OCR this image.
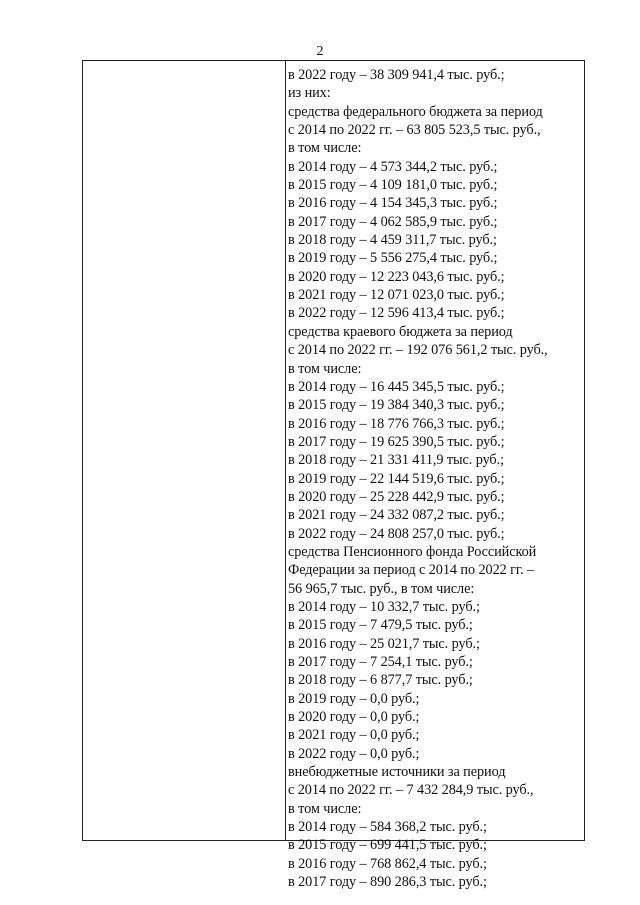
2
в 2022 году – 38 309 941,4 тыс. руб.;
из них:
средства федерального бюджета за период
с 2014 по 2022 гг. – 63 805 523,5 тыс. руб.,
в том числе:
в 2014 году – 4 573 344,2 тыс. руб.;
в 2015 году – 4 109 181,0 тыс. руб.;
в 2016 году – 4 154 345,3 тыс. руб.;
в 2017 году – 4 062 585,9 тыс. руб.;
в 2018 году – 4 459 311,7 тыс. руб.;
в 2019 году – 5 556 275,4 тыс. руб.;
в 2020 году – 12 223 043,6 тыс. руб.;
в 2021 году – 12 071 023,0 тыс. руб.;
в 2022 году – 12 596 413,4 тыс. руб.;
средства краевого бюджета за период
с 2014 по 2022 гг. – 192 076 561,2 тыс. руб.,
в том числе:
в 2014 году – 16 445 345,5 тыс. руб.;
в 2015 году – 19 384 340,3 тыс. руб.;
в 2016 году – 18 776 766,3 тыс. руб.;
в 2017 году – 19 625 390,5 тыс. руб.;
в 2018 году – 21 331 411,9 тыс. руб.;
в 2019 году – 22 144 519,6 тыс. руб.;
в 2020 году – 25 228 442,9 тыс. руб.;
в 2021 году – 24 332 087,2 тыс. руб.;
в 2022 году – 24 808 257,0 тыс. руб.;
средства Пенсионного фонда Российской
Федерации за период с 2014 по 2022 гг. –
56 965,7 тыс. руб., в том числе:
в 2014 году – 10 332,7 тыс. руб.;
в 2015 году – 7 479,5 тыс. руб.;
в 2016 году – 25 021,7 тыс. руб.;
в 2017 году – 7 254,1 тыс. руб.;
в 2018 году – 6 877,7 тыс. руб.;
в 2019 году – 0,0 руб.;
в 2020 году – 0,0 руб.;
в 2021 году – 0,0 руб.;
в 2022 году – 0,0 руб.;
внебюджетные источники за период
с 2014 по 2022 гг. – 7 432 284,9 тыс. руб.,
в том числе:
в 2014 году – 584 368,2 тыс. руб.;
в 2015 году – 699 441,5 тыс. руб.;
в 2016 году – 768 862,4 тыс. руб.;
в 2017 году – 890 286,3 тыс. руб.;
